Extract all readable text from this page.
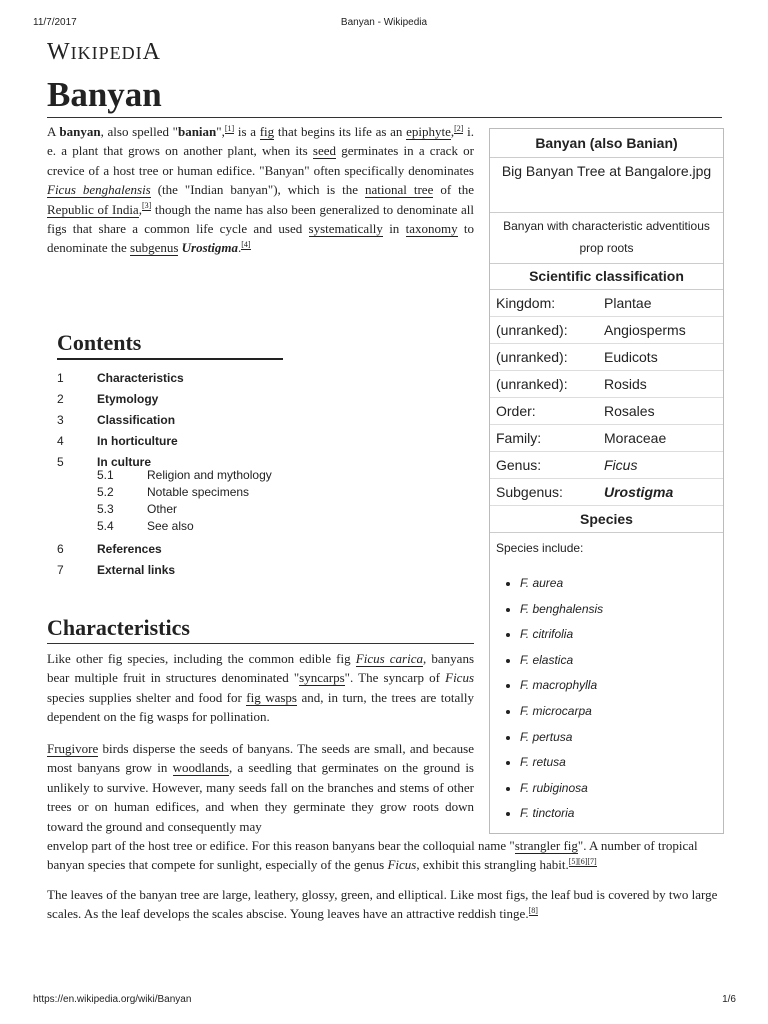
11/7/2017	Banyan - Wikipedia
WIKIPEDIA
Banyan

A banyan, also spelled "banian",[1] is a fig that begins its life as an epiphyte,[2] i. e. a plant that grows on another plant, when its seed germinates in a crack or crevice of a host tree or human edifice. "Banyan" often specifically denominates Ficus benghalensis (the "Indian banyan"), which is the national tree of the Republic of India,[3] though the name has also been generalized to denominate all figs that share a common life cycle and used systematically in taxonomy to denominate the subgenus Urostigma.[4]

Contents
1	Characteristics
2	Etymology
3	Classification
4	In horticulture
5	In culture
5.1	Religion and mythology
5.2	Notable specimens
5.3	Other
5.4	See also
6	References
7	External links
Characteristics

Like other fig species, including the common edible fig Ficus carica, banyans bear multiple fruit in structures denominated "syncarps". The syncarp of Ficus species supplies shelter and food for fig wasps and, in turn, the trees are totally dependent on the fig wasps for pollination.

Frugivore birds disperse the seeds of banyans. The seeds are small, and because most banyans grow in woodlands, a seedling that germinates on the ground is unlikely to survive. However, many seeds fall on the branches and stems of other trees or on human edifices, and when they germinate they grow roots down toward the ground and consequently may

envelop part of the host tree or edifice. For this reason banyans bear the colloquial name "strangler fig". A number of tropical banyan species that compete for sunlight, especially of the genus Ficus, exhibit this strangling habit.[5][6][7]

The leaves of the banyan tree are large, leathery, glossy, green, and elliptical. Like most figs, the leaf bud is covered by two large scales. As the leaf develops the scales abscise. Young leaves have an attractive reddish tinge.[8]

Banyan (also Banian)
Big Banyan Tree at Bangalore.jpg
Banyan with characteristic adventitious prop roots
Scientific classification
Kingdom:	Plantae
(unranked):	Angiosperms
(unranked):	Eudicots
(unranked):	Rosids
Order:	Rosales
Family:	Moraceae
Genus:	Ficus
Subgenus:	Urostigma
Species
Species include:
• F. aurea
• F. benghalensis
• F. citrifolia
• F. elastica
• F. macrophylla
• F. microcarpa
• F. pertusa
• F. retusa
• F. rubiginosa
• F. tinctoria
https://en.wikipedia.org/wiki/Banyan	1/6
